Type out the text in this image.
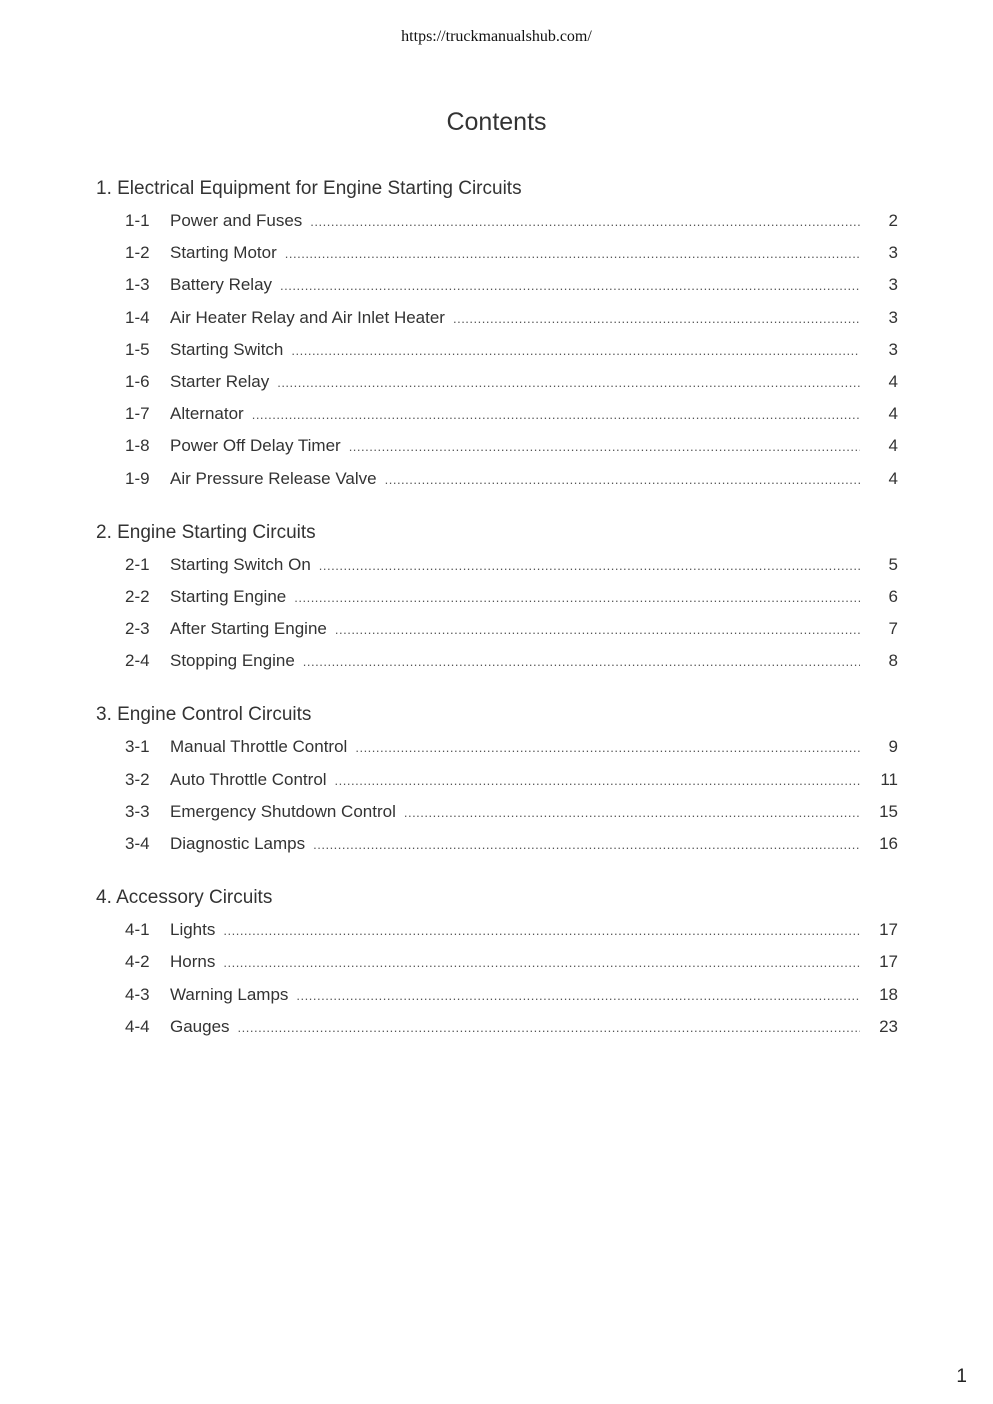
https://truckmanualshub.com/
Contents
1. Electrical Equipment for Engine Starting Circuits
1-1	Power and Fuses .....	2
1-2	Starting Motor .....	3
1-3	Battery Relay .....	3
1-4	Air Heater Relay and Air Inlet Heater .....	3
1-5	Starting Switch .....	3
1-6	Starter Relay .....	4
1-7	Alternator .....	4
1-8	Power Off Delay Timer .....	4
1-9	Air Pressure Release Valve .....	4
2. Engine Starting Circuits
2-1	Starting Switch On .....	5
2-2	Starting Engine .....	6
2-3	After Starting Engine .....	7
2-4	Stopping Engine .....	8
3. Engine Control Circuits
3-1	Manual Throttle Control .....	9
3-2	Auto Throttle Control .....	11
3-3	Emergency Shutdown Control .....	15
3-4	Diagnostic Lamps .....	16
4. Accessory Circuits
4-1	Lights .....	17
4-2	Horns .....	17
4-3	Warning Lamps .....	18
4-4	Gauges .....	23
1
